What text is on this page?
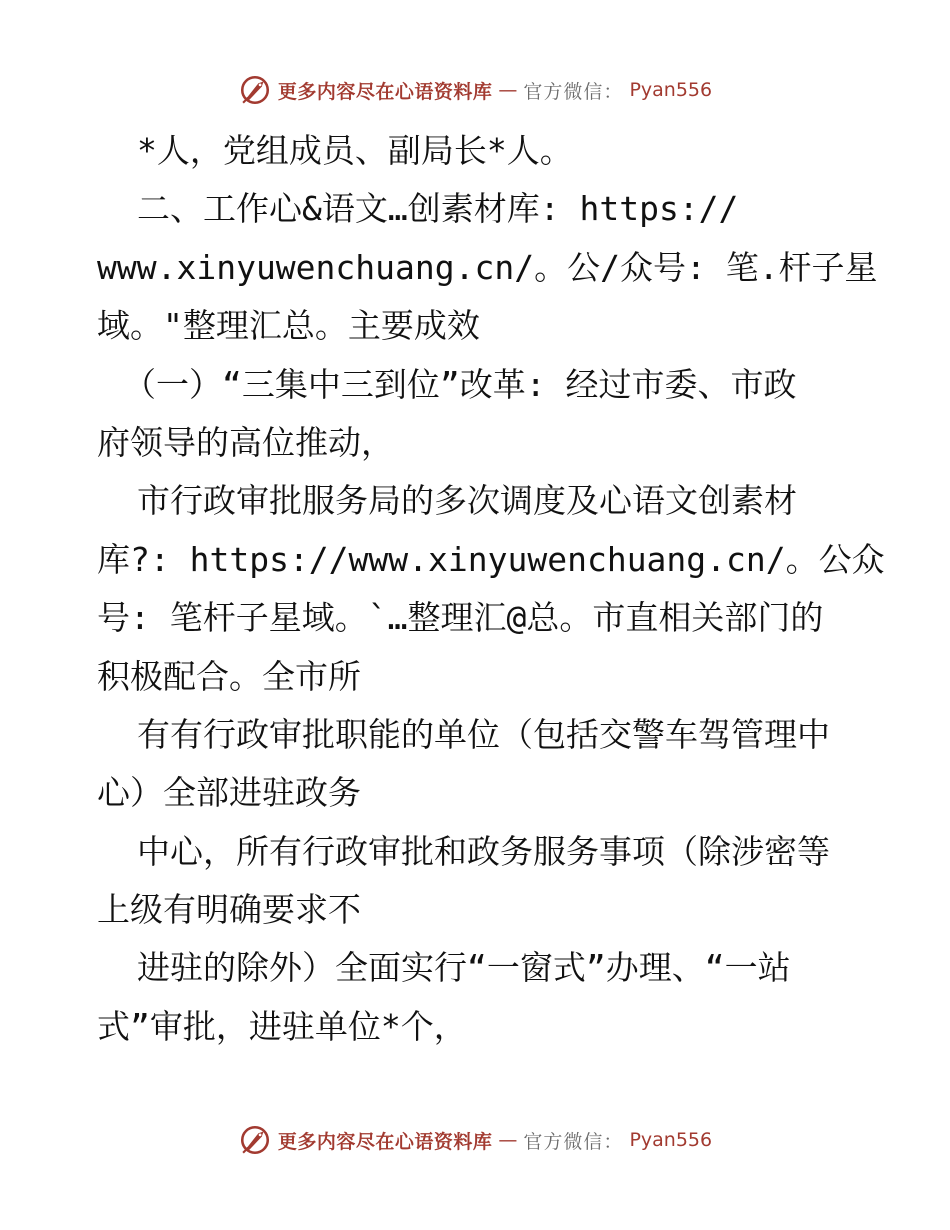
更多内容尽在心语资料库 — 官方微信： Pyan556
*人，党组成员、副局长*人。
二、工作心&语文…创素材库: https://
www.xinyuwenchuang.cn/。公/众号: 笔.杆子星
域。"整理汇总。主要成效
（一）“三集中三到位”改革: 经过市委、市政
府领导的高位推动，
市行政审批服务局的多次调度及心语文创素材
库?: https://www.xinyuwenchuang.cn/。公众
号: 笔杆子星域。`…整理汇@总。市直相关部门的
积极配合。全市所
有有行政审批职能的单位（包括交警车驾管理中
心）全部进驻政务
中心，所有行政审批和政务服务事项（除涉密等
上级有明确要求不
进驻的除外）全面实行“一窗式”办理、“一站
式”审批，进驻单位*个，
更多内容尽在心语资料库 — 官方微信： Pyan556
